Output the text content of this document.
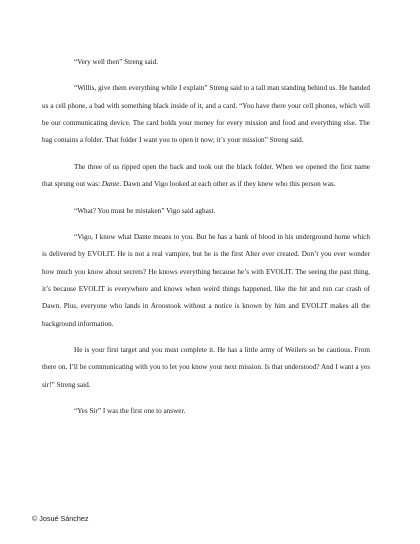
“Very well then” Streng said.

“Willis, give them everything while I explain” Streng said to a tall man standing behind us. He handed us a cell phone, a bad with something black inside of it, and a card. “You have there your cell phones, which will be our communicating device. The card holds your money for every mission and food and everything else. The bag contains a folder. That folder I want you to open it now; it’s your mission” Streng said.

The three of us ripped open the back and took out the black folder. When we opened the first name that sprung out was: Dante. Dawn and Vigo looked at each other as if they knew who this person was.

“What? You must be mistaken” Vigo said aghast.

“Vigo, I know what Dante means to you. But he has a bank of blood in his underground home which is delivered by EVOLIT. He is not a real vampire, but he is the first Alter ever created. Don’t you ever wonder how much you know about secrets? He knows everything because he’s with EVOLIT. The seeing the past thing, it’s because EVOLIT is everywhere and knows when weird things happened, like the hit and run car crash of Dawn. Plus, everyone who lands in Aroostook without a notice is known by him and EVOLIT makes all the background information.

He is your first target and you must complete it. He has a little army of Weilers so be cautious. From there on, I’ll be communicating with you to let you know your next mission. Is that understood? And I want a yes sir!” Streng said.

“Yes Sir” I was the first one to answer.

© Josué Sánchez
